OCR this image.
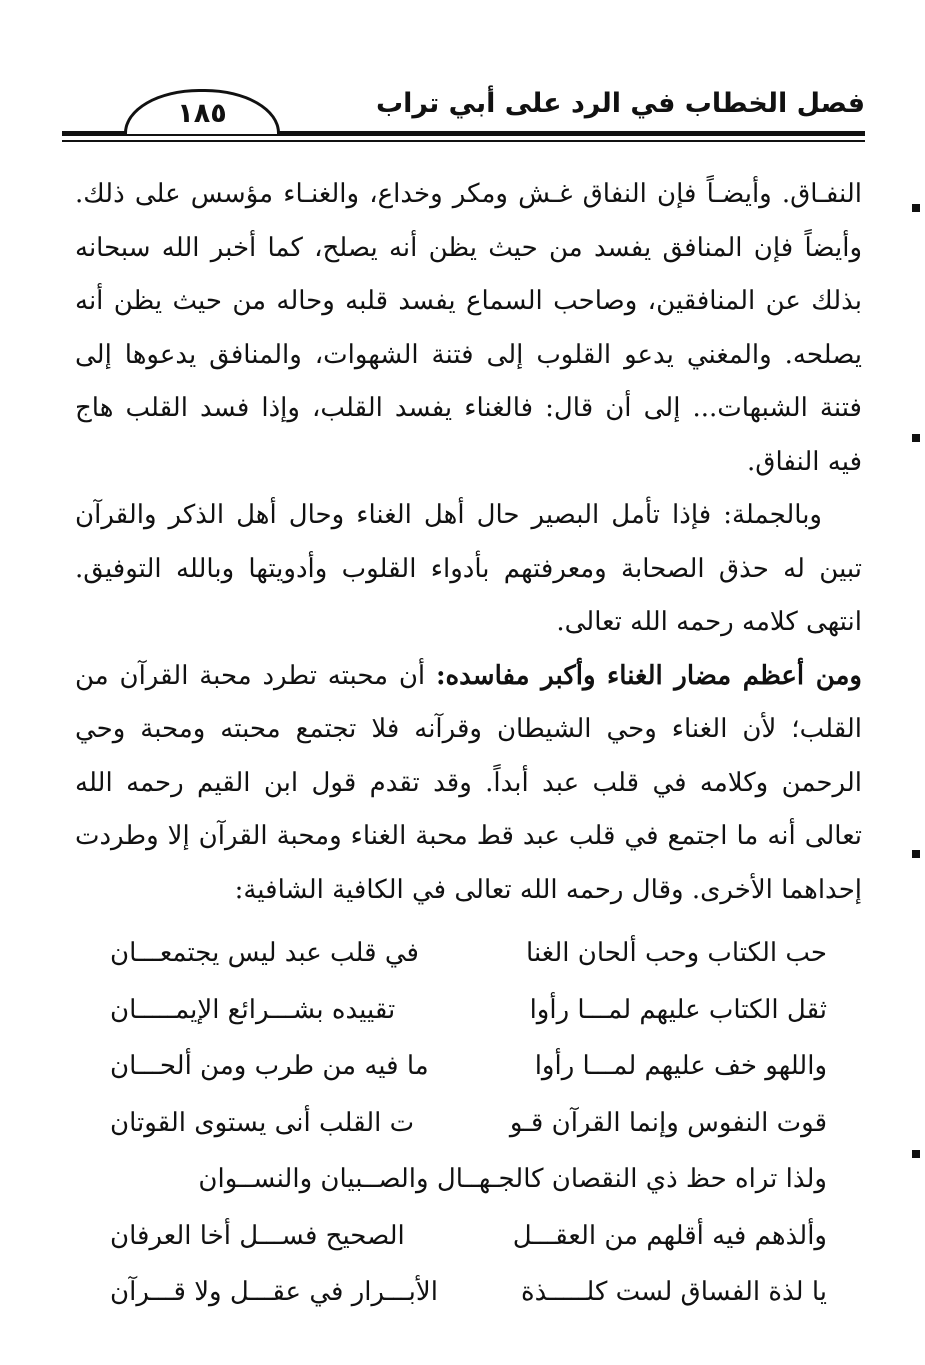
فصل الخطاب في الرد على أبي تراب
١٨٥

النفـاق. وأيضـاً فإن النفاق غـش ومكر وخداع، والغنـاء مؤسس على ذلك. وأيضاً فإن المنافق يفسد من حيث يظن أنه يصلح، كما أخبر الله سبحانه بذلك عن المنافقين، وصاحب السماع يفسد قلبه وحاله من حيث يظن أنه يصلحه. والمغني يدعو القلوب إلى فتنة الشهوات، والمنافق يدعوها إلى فتنة الشبهات... إلى أن قال: فالغناء يفسد القلب، وإذا فسد القلب هاج فيه النفاق.

وبالجملة: فإذا تأمل البصير حال أهل الغناء وحال أهل الذكر والقرآن تبين له حذق الصحابة ومعرفتهم بأدواء القلوب وأدويتها وبالله التوفيق. انتهى كلامه رحمه الله تعالى.

ومن أعظم مضار الغناء وأكبر مفاسده: أن محبته تطرد محبة القرآن من القلب؛ لأن الغناء وحي الشيطان وقرآنه فلا تجتمع محبته ومحبة وحي الرحمن وكلامه في قلب عبد أبداً. وقد تقدم قول ابن القيم رحمه الله تعالى أنه ما اجتمع في قلب عبد قط محبة الغناء ومحبة القرآن إلا وطردت إحداهما الأخرى. وقال رحمه الله تعالى في الكافية الشافية:

حب الكتاب وحب ألحان الغنا
في قلب عبد ليس يجتمعـــان
ثقل الكتاب عليهم لمـــا رأوا
تقييده بشـــرائع الإيمـــــان
واللهو خف عليهم لمـــا رأوا
ما فيه من طرب ومن ألحـــان
قوت النفوس وإنما القرآن قـو
ت القلب أنى يستوى القوتان
ولذا تراه حظ ذي النقصان كالجـهــال والصــبيان والنســوان
وألذهم فيه أقلهم من العقـــل
الصحيح فســـل أخا العرفان
يا لذة الفساق لست كلـــــذة
الأبـــرار في عقـــل ولا قـــرآن
